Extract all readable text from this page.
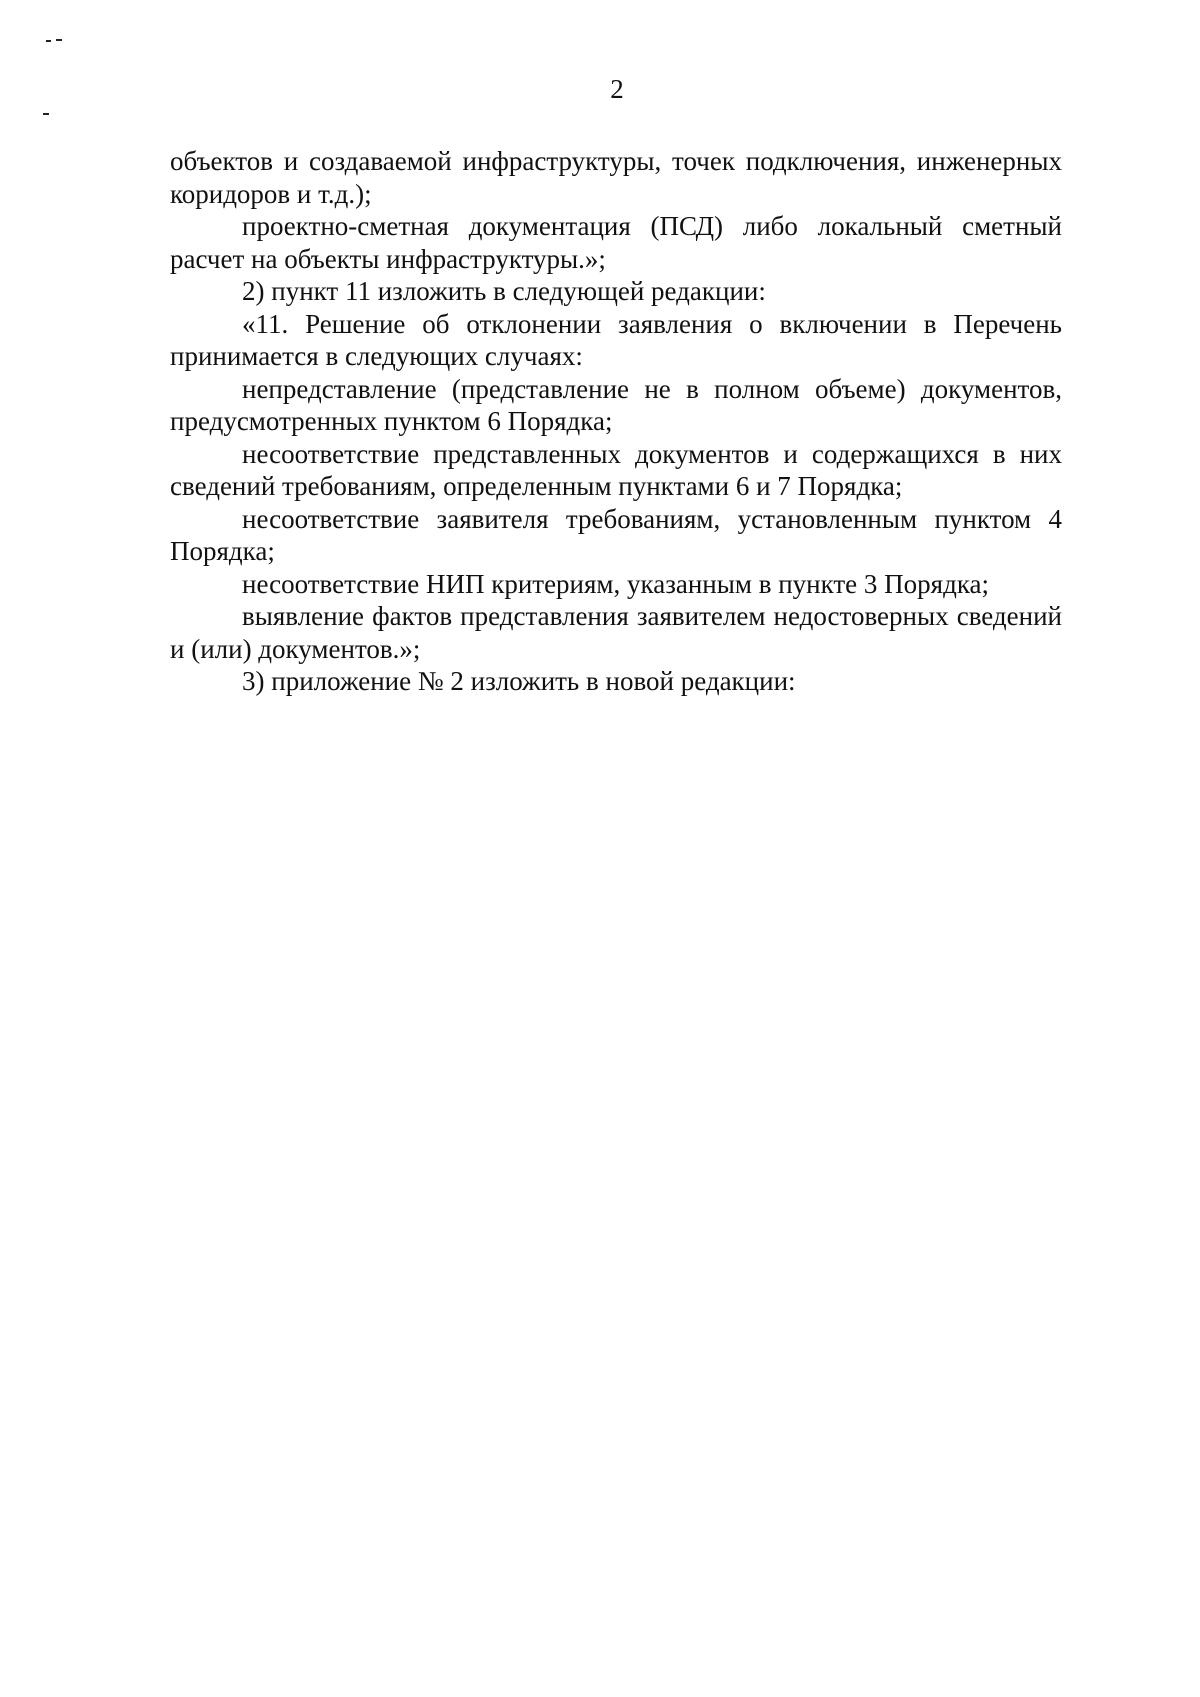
2

объектов и создаваемой инфраструктуры, точек подключения, инженерных коридоров и т.д.);

проектно-сметная документация (ПСД) либо локальный сметный расчет на объекты инфраструктуры.»;

2) пункт 11 изложить в следующей редакции:

«11. Решение об отклонении заявления о включении в Перечень принимается в следующих случаях:

непредставление (представление не в полном объеме) документов, предусмотренных пунктом 6 Порядка;

несоответствие представленных документов и содержащихся в них сведений требованиям, определенным пунктами 6 и 7 Порядка;

несоответствие заявителя требованиям, установленным пунктом 4 Порядка;

несоответствие НИП критериям, указанным в пункте 3 Порядка;

выявление фактов представления заявителем недостоверных сведений и (или) документов.»;

3) приложение № 2 изложить в новой редакции:
